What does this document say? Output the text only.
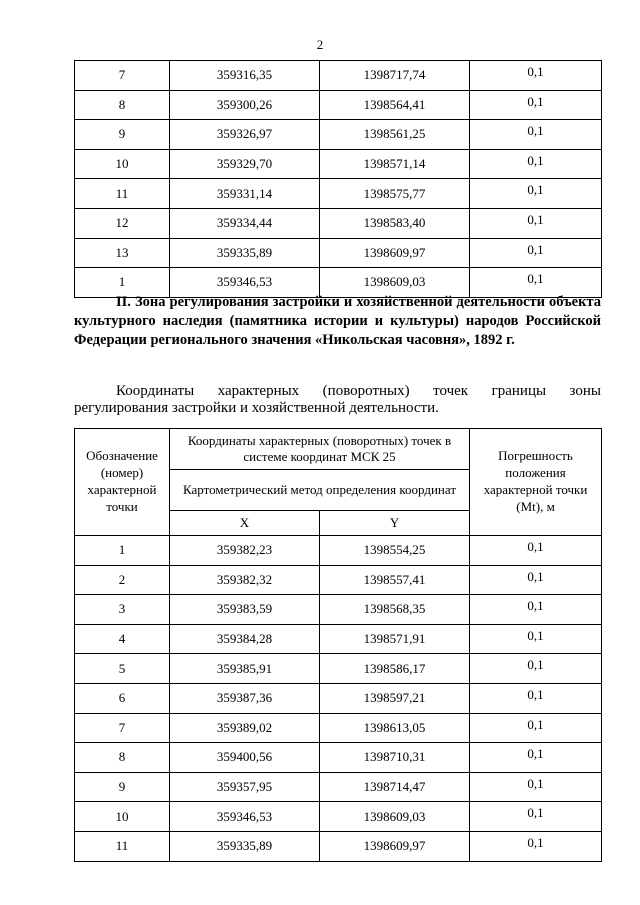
2
7	359316,35	1398717,74	0,1
8	359300,26	1398564,41	0,1
9	359326,97	1398561,25	0,1
10	359329,70	1398571,14	0,1
11	359331,14	1398575,77	0,1
12	359334,44	1398583,40	0,1
13	359335,89	1398609,97	0,1
1	359346,53	1398609,03	0,1
II. Зона регулирования застройки и хозяйственной деятельности объекта культурного наследия (памятника истории и культуры) народов Российской Федерации регионального значения «Никольская часовня», 1892 г.
Координаты характерных (поворотных) точек границы зоны
регулирования застройки и хозяйственной деятельности.
Обозначение (номер) характерной точки	Координаты характерных (поворотных) точек в системе координат МСК 25		Погрешность положения характерной точки (Mt), м
	Картометрический метод определения координат		
	X	Y	
1	359382,23	1398554,25	0,1
2	359382,32	1398557,41	0,1
3	359383,59	1398568,35	0,1
4	359384,28	1398571,91	0,1
5	359385,91	1398586,17	0,1
6	359387,36	1398597,21	0,1
7	359389,02	1398613,05	0,1
8	359400,56	1398710,31	0,1
9	359357,95	1398714,47	0,1
10	359346,53	1398609,03	0,1
11	359335,89	1398609,97	0,1
